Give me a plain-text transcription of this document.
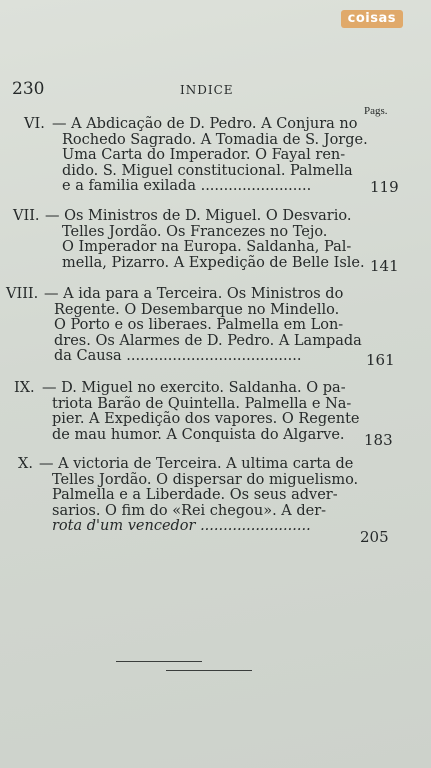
coisas
230	INDICE
Pags.
VI. — A Abdicação de D. Pedro. A Conjura no
Rochedo Sagrado. A Tomadia de S. Jorge.
Uma Carta do Imperador. O Fayal ren-
dido. S. Miguel constitucional. Palmella
e a familia exilada ........................	119
VII. — Os Ministros de D. Miguel. O Desvario.
Telles Jordão. Os Francezes no Tejo.
O Imperador na Europa. Saldanha, Pal-
mella, Pizarro. A Expedição de Belle Isle. 141
VIII. — A ida para a Terceira. Os Ministros do
Regente. O Desembarque no Mindello.
O Porto e os liberaes. Palmella em Lon-
dres. Os Alarmes de D. Pedro. A Lampada
da Causa ......................................	161
IX. — D. Miguel no exercito. Saldanha. O pa-
triota Barão de Quintella. Palmella e Na-
pier. A Expedição dos vapores. O Regente
de mau humor. A Conquista do Algarve. 183
X. — A victoria de Terceira. A ultima carta de
Telles Jordão. O dispersar do miguelismo.
Palmella e a Liberdade. Os seus adver-
sarios. O fim do «Rei chegou». A der-
rota d'um vencedor ........................
205
